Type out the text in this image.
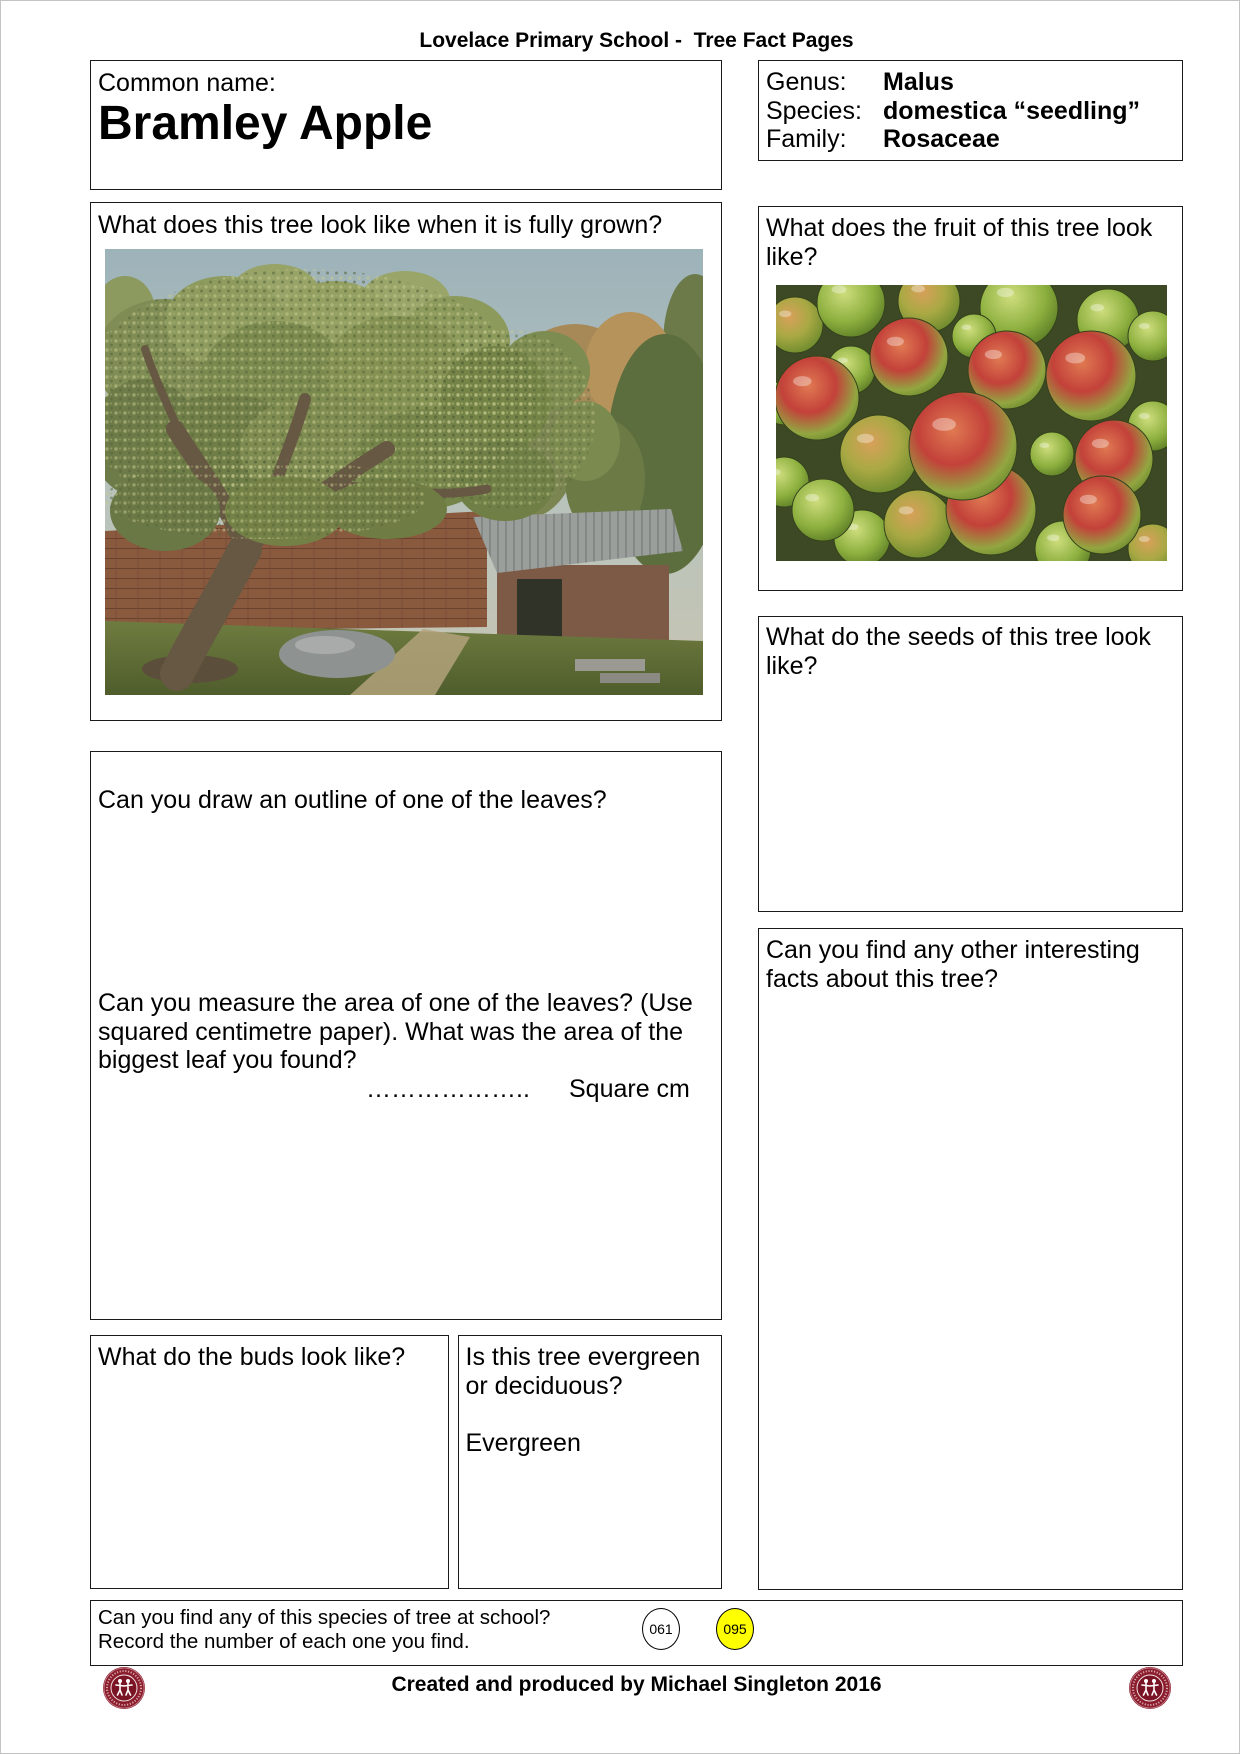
Lovelace Primary School -  Tree Fact Pages
Common name:
Bramley Apple
Genus:	Malus
Species: domestica “seedling”
Family:	Rosaceae
What does this tree look like when it is fully grown?	What does the fruit of this tree look
like?
What do the seeds of this tree look
like?
Can you draw an outline of one of the leaves?
Can you measure the area of one of the leaves? (Use
squared centimetre paper). What was the area of the
biggest leaf you found?
……………….. Square cm
Can you find any other interesting
facts about this tree?
What do the buds look like? Is this tree evergreen
or deciduous?
Evergreen
Can you find any of this species of tree at school?
Record the number of each one you find.
061	095
Created and produced by Michael Singleton 2016
